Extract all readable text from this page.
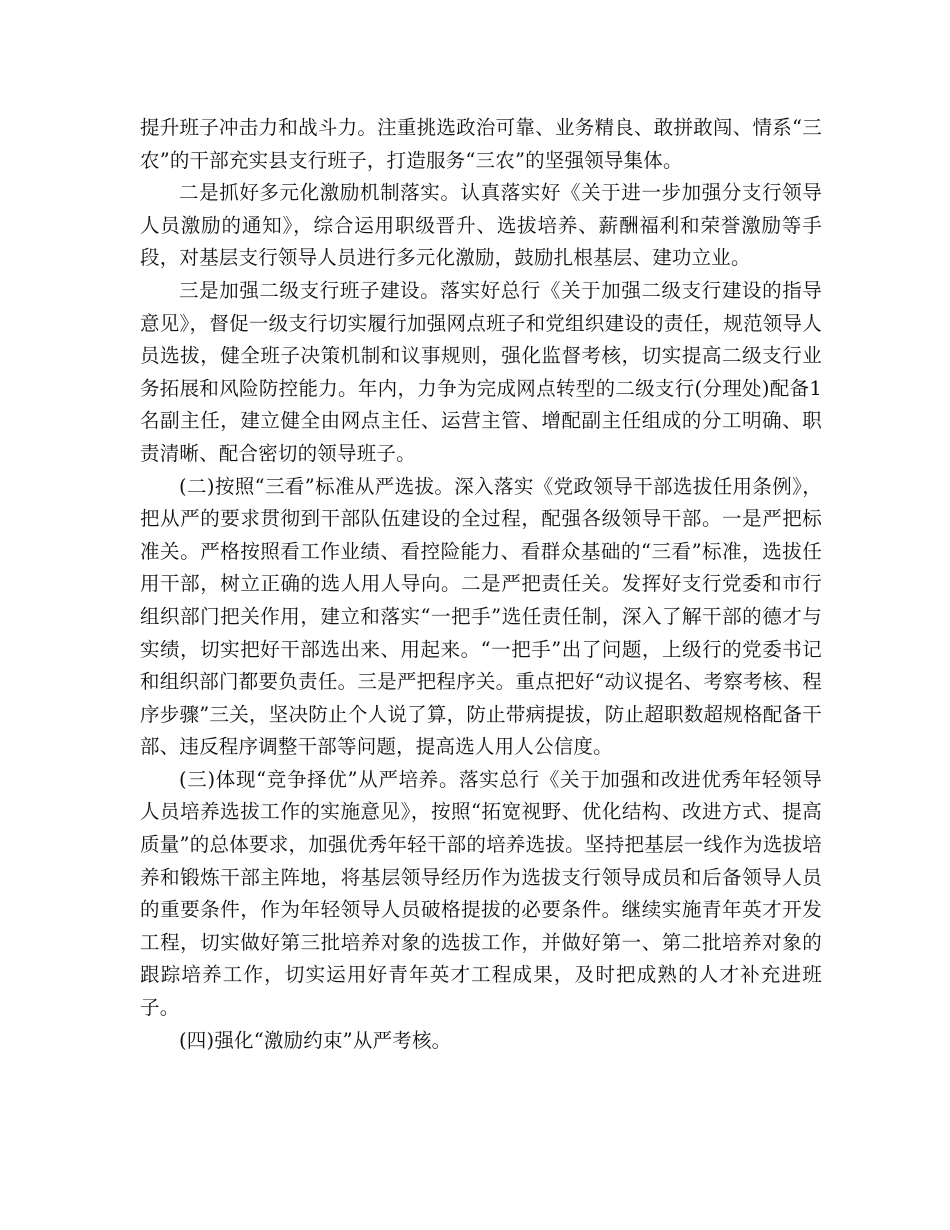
提升班子冲击力和战斗力。注重挑选政治可靠、业务精良、敢拼敢闯、情系“三农”的干部充实县支行班子，打造服务“三农”的坚强领导集体。

二是抓好多元化激励机制落实。认真落实好《关于进一步加强分支行领导人员激励的通知》，综合运用职级晋升、选拔培养、薪酬福利和荣誉激励等手段，对基层支行领导人员进行多元化激励，鼓励扎根基层、建功立业。

三是加强二级支行班子建设。落实好总行《关于加强二级支行建设的指导意见》，督促一级支行切实履行加强网点班子和党组织建设的责任，规范领导人员选拔，健全班子决策机制和议事规则，强化监督考核，切实提高二级支行业务拓展和风险防控能力。年内，力争为完成网点转型的二级支行(分理处)配备1名副主任，建立健全由网点主任、运营主管、增配副主任组成的分工明确、职责清晰、配合密切的领导班子。

(二)按照“三看”标准从严选拔。深入落实《党政领导干部选拔任用条例》，把从严的要求贯彻到干部队伍建设的全过程，配强各级领导干部。一是严把标准关。严格按照看工作业绩、看控险能力、看群众基础的“三看”标准，选拔任用干部，树立正确的选人用人导向。二是严把责任关。发挥好支行党委和市行组织部门把关作用，建立和落实“一把手”选任责任制，深入了解干部的德才与实绩，切实把好干部选出来、用起来。“一把手”出了问题，上级行的党委书记和组织部门都要负责任。三是严把程序关。重点把好“动议提名、考察考核、程序步骤”三关，坚决防止个人说了算，防止带病提拔，防止超职数超规格配备干部、违反程序调整干部等问题，提高选人用人公信度。

(三)体现“竞争择优”从严培养。落实总行《关于加强和改进优秀年轻领导人员培养选拔工作的实施意见》，按照“拓宽视野、优化结构、改进方式、提高质量”的总体要求，加强优秀年轻干部的培养选拔。坚持把基层一线作为选拔培养和锻炼干部主阵地，将基层领导经历作为选拔支行领导成员和后备领导人员的重要条件，作为年轻领导人员破格提拔的必要条件。继续实施青年英才开发工程，切实做好第三批培养对象的选拔工作，并做好第一、第二批培养对象的跟踪培养工作，切实运用好青年英才工程成果，及时把成熟的人才补充进班子。

(四)强化“激励约束”从严考核。
